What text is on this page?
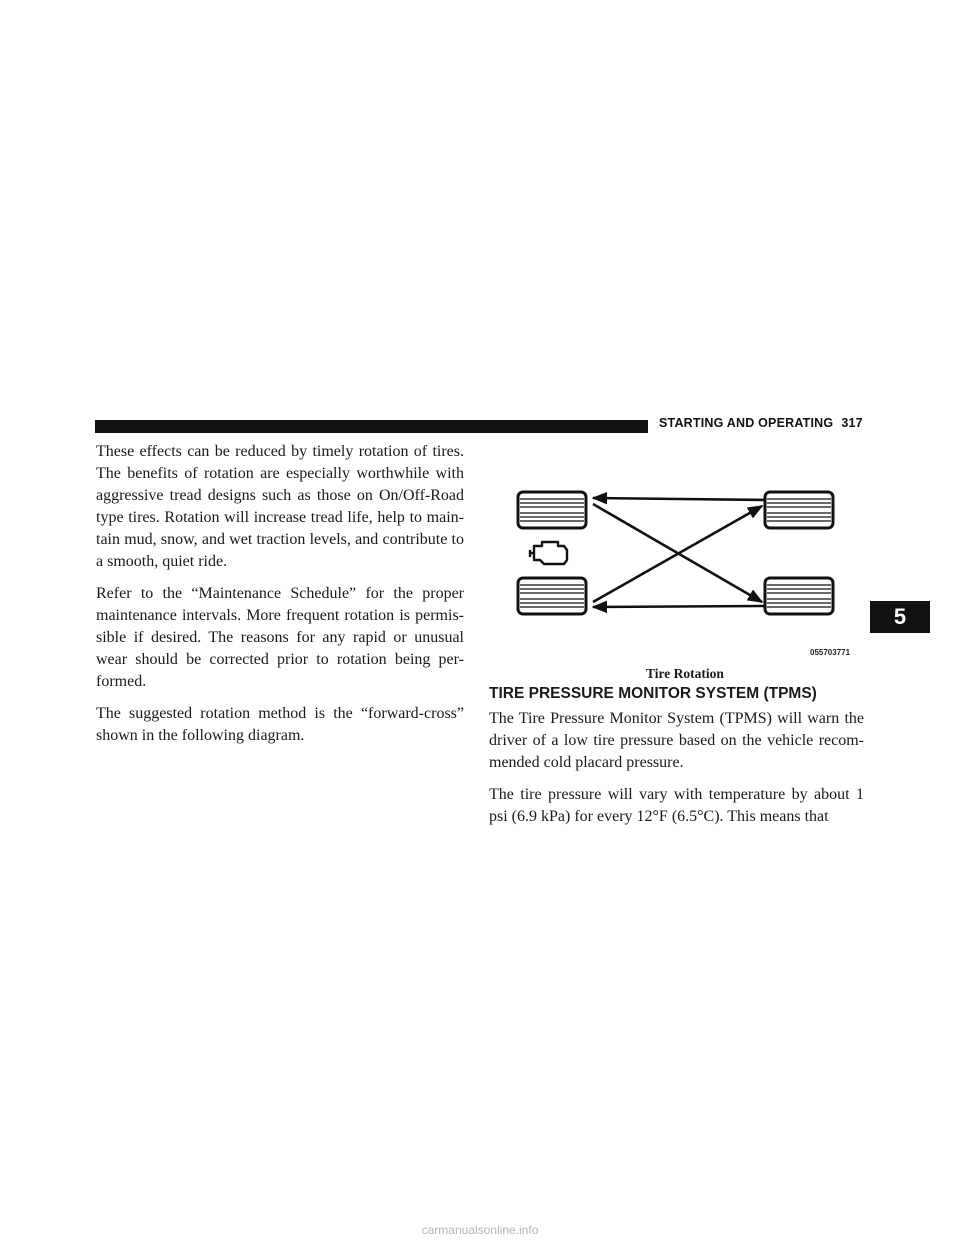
STARTING AND OPERATING 317

These effects can be reduced by timely rotation of tires. The benefits of rotation are especially worthwhile with aggressive tread designs such as those on On/Off-Road type tires. Rotation will increase tread life, help to main-tain mud, snow, and wet traction levels, and contribute to a smooth, quiet ride.

Refer to the “Maintenance Schedule” for the proper maintenance intervals. More frequent rotation is permis-sible if desired. The reasons for any rapid or unusual wear should be corrected prior to rotation being per-formed.

The suggested rotation method is the “forward-cross” shown in the following diagram.

055703771
Tire Rotation
TIRE PRESSURE MONITOR SYSTEM (TPMS)

The Tire Pressure Monitor System (TPMS) will warn the driver of a low tire pressure based on the vehicle recom-mended cold placard pressure.

The tire pressure will vary with temperature by about 1 psi (6.9 kPa) for every 12°F (6.5°C). This means that

5
carmanualsonline.info
